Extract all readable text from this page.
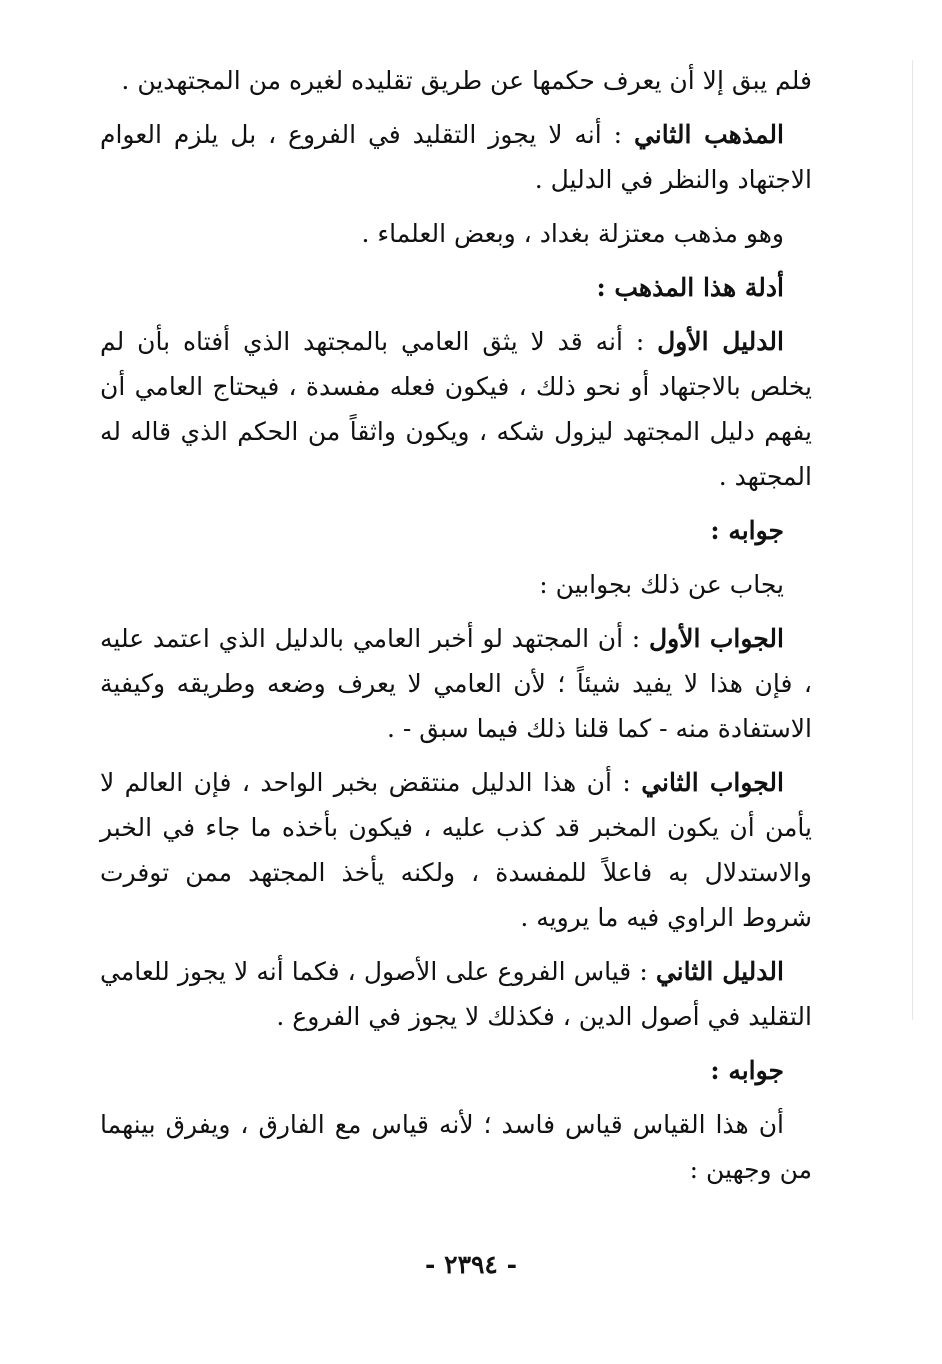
فلم يبق إلا أن يعرف حكمها عن طريق تقليده لغيره من المجتهدين .

المذهب الثاني : أنه لا يجوز التقليد في الفروع ، بل يلزم العوام الاجتهاد والنظر في الدليل .

وهو مذهب معتزلة بغداد ، وبعض العلماء .

أدلة هذا المذهب :

الدليل الأول : أنه قد لا يثق العامي بالمجتهد الذي أفتاه بأن لم يخلص بالاجتهاد أو نحو ذلك ، فيكون فعله مفسدة ، فيحتاج العامي أن يفهم دليل المجتهد ليزول شكه ، ويكون واثقاً من الحكم الذي قاله له المجتهد .

جوابه :

يجاب عن ذلك بجوابين :

الجواب الأول : أن المجتهد لو أخبر العامي بالدليل الذي اعتمد عليه ، فإن هذا لا يفيد شيئاً ؛ لأن العامي لا يعرف وضعه وطريقه وكيفية الاستفادة منه - كما قلنا ذلك فيما سبق - .

الجواب الثاني : أن هذا الدليل منتقض بخبر الواحد ، فإن العالم لا يأمن أن يكون المخبر قد كذب عليه ، فيكون بأخذه ما جاء في الخبر والاستدلال به فاعلاً للمفسدة ، ولكنه يأخذ المجتهد ممن توفرت شروط الراوي فيه ما يرويه .

الدليل الثاني : قياس الفروع على الأصول ، فكما أنه لا يجوز للعامي التقليد في أصول الدين ، فكذلك لا يجوز في الفروع .

جوابه :

أن هذا القياس قياس فاسد ؛ لأنه قياس مع الفارق ، ويفرق بينهما من وجهين :

- ٢٣٩٤ -
